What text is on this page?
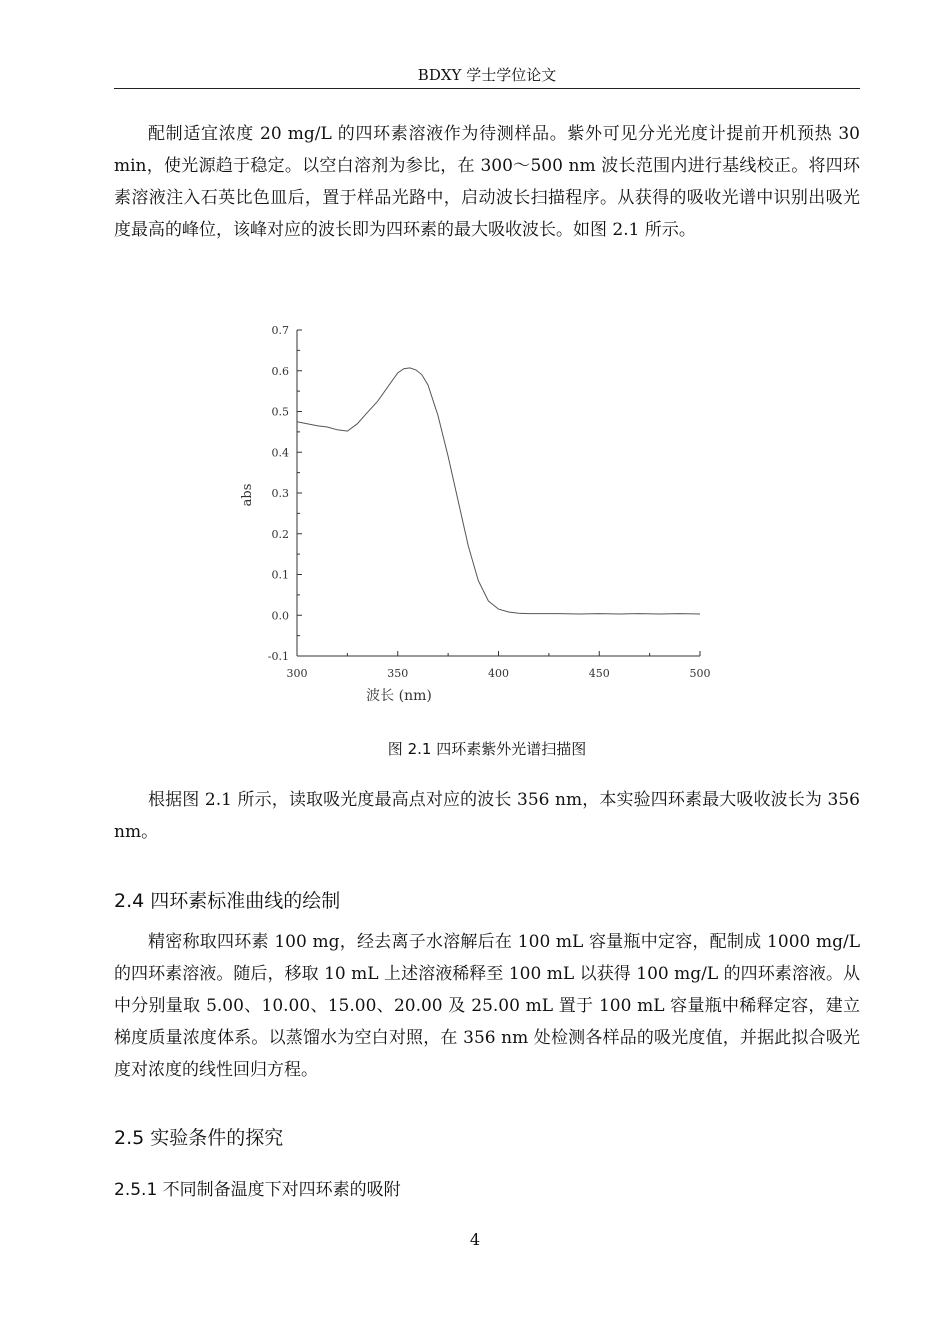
BDXY 学士学位论文

配制适宜浓度 20 mg/L 的四环素溶液作为待测样品。紫外可见分光光度计提前开机预热 30 min，使光源趋于稳定。以空白溶剂为参比，在 300～500 nm 波长范围内进行基线校正。将四环素溶液注入石英比色皿后，置于样品光路中，启动波长扫描程序。从获得的吸收光谱中识别出吸光度最高的峰位，该峰对应的波长即为四环素的最大吸收波长。如图 2.1 所示。

-0.1
0.0
0.1
0.2
0.3
0.4
0.5
0.6
0.7
300	350	400	450	500
abs
波长 (nm)
图 2.1 四环素紫外光谱扫描图

根据图 2.1 所示，读取吸光度最高点对应的波长 356 nm，本实验四环素最大吸收波长为 356 nm。

2.4 四环素标准曲线的绘制

精密称取四环素 100 mg，经去离子水溶解后在 100 mL 容量瓶中定容，配制成 1000 mg/L 的四环素溶液。随后，移取 10 mL 上述溶液稀释至 100 mL 以获得 100 mg/L 的四环素溶液。从中分别量取 5.00、10.00、15.00、20.00 及 25.00 mL 置于 100 mL 容量瓶中稀释定容，建立梯度质量浓度体系。以蒸馏水为空白对照，在 356 nm 处检测各样品的吸光度值，并据此拟合吸光度对浓度的线性回归方程。

2.5 实验条件的探究
2.5.1 不同制备温度下对四环素的吸附
4
